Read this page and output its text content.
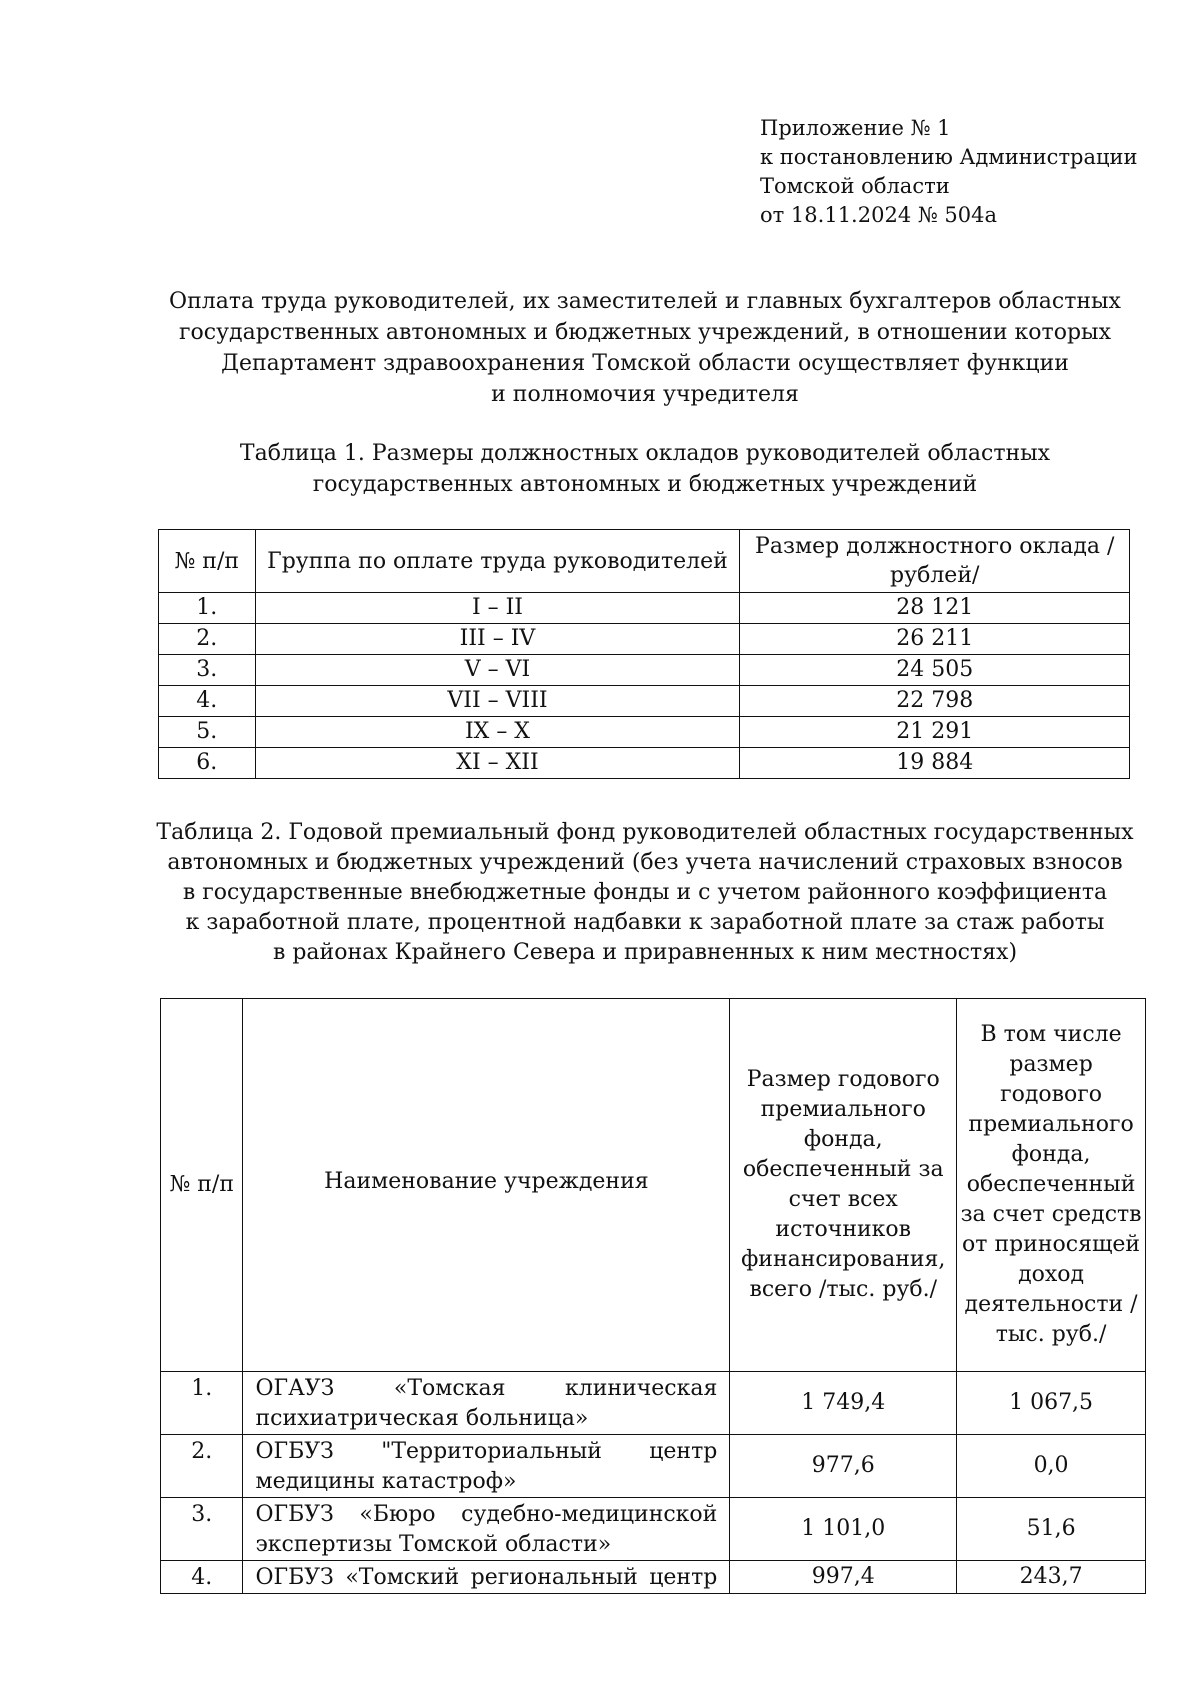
Приложение № 1
к постановлению Администрации
Томской области
от 18.11.2024 № 504а
Оплата труда руководителей, их заместителей и главных бухгалтеров областных
государственных автономных и бюджетных учреждений, в отношении которых
Департамент здравоохранения Томской области осуществляет функции
и полномочия учредителя
Таблица 1. Размеры должностных окладов руководителей областных
государственных автономных и бюджетных учреждений
№ п/п	Группа по оплате труда руководителей	Размер должностного оклада /рублей/
1.	I – II	28 121
2.	III – IV	26 211
3.	V – VI	24 505
4.	VII – VIII	22 798
5.	IX – X	21 291
6.	XI – XII	19 884
Таблица 2. Годовой премиальный фонд руководителей областных государственных
автономных и бюджетных учреждений (без учета начислений страховых взносов
в государственные внебюджетные фонды и с учетом районного коэффициента
к заработной плате, процентной надбавки к заработной плате за стаж работы
в районах Крайнего Севера и приравненных к ним местностях)
№ п/п	Наименование учреждения	Размер годового премиального фонда, обеспеченный за счет всех источников финансирования, всего /тыс. руб./	В том числе размер годового премиального фонда, обеспеченный за счет средств от приносящей доход деятельности /тыс. руб./
1.	ОГАУЗ «Томская клиническая психиатрическая больница»	1 749,4	1 067,5
2.	ОГБУЗ "Территориальный центр медицины катастроф»	977,6	0,0
3.	ОГБУЗ «Бюро судебно-медицинской экспертизы Томской области»	1 101,0	51,6
4.	ОГБУЗ «Томский региональный центр	997,4	243,7
